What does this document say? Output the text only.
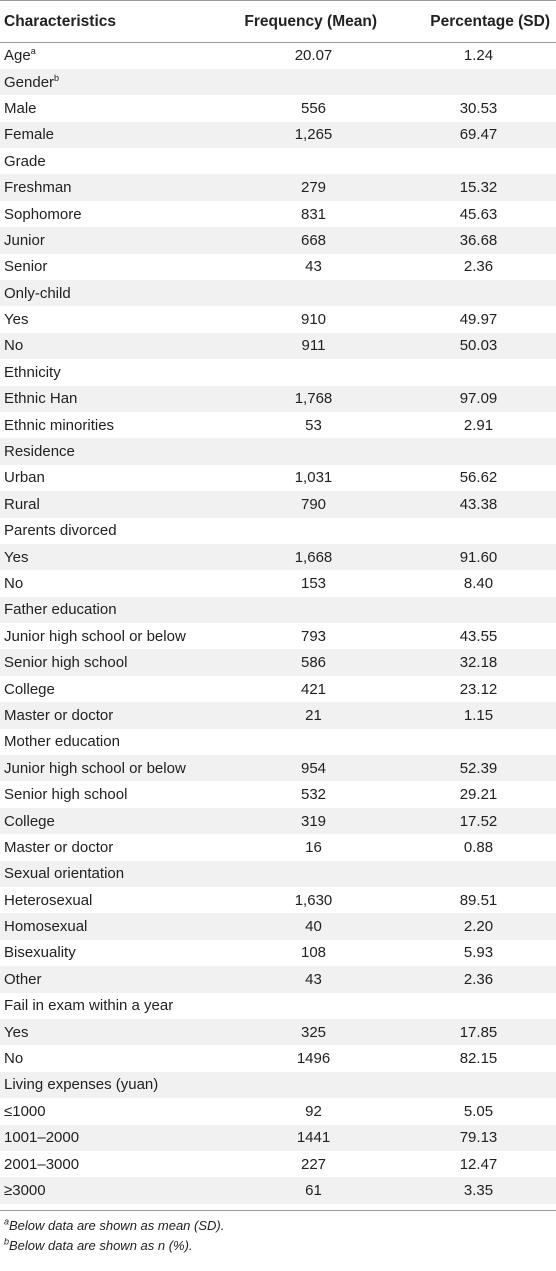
Characteristics	Frequency (Mean)	Percentage (SD)
Age$^a$	20.07	1.24
Gender$^b$		
Male	556	30.53
Female	1,265	69.47
Grade		
Freshman	279	15.32
Sophomore	831	45.63
Junior	668	36.68
Senior	43	2.36
Only-child		
Yes	910	49.97
No	911	50.03
Ethnicity		
Ethnic Han	1,768	97.09
Ethnic minorities	53	2.91
Residence		
Urban	1,031	56.62
Rural	790	43.38
Parents divorced		
Yes	1,668	91.60
No	153	8.40
Father education		
Junior high school or below	793	43.55
Senior high school	586	32.18
College	421	23.12
Master or doctor	21	1.15
Mother education		
Junior high school or below	954	52.39
Senior high school	532	29.21
College	319	17.52
Master or doctor	16	0.88
Sexual orientation		
Heterosexual	1,630	89.51
Homosexual	40	2.20
Bisexuality	108	5.93
Other	43	2.36
Fail in exam within a year		
Yes	325	17.85
No	1496	82.15
Living expenses (yuan)		
≤1000	92	5.05
1001–2000	1441	79.13
2001–3000	227	12.47
≥3000	61	3.35
$^a$Below data are shown as mean (SD).
$^b$Below data are shown as n (%).
